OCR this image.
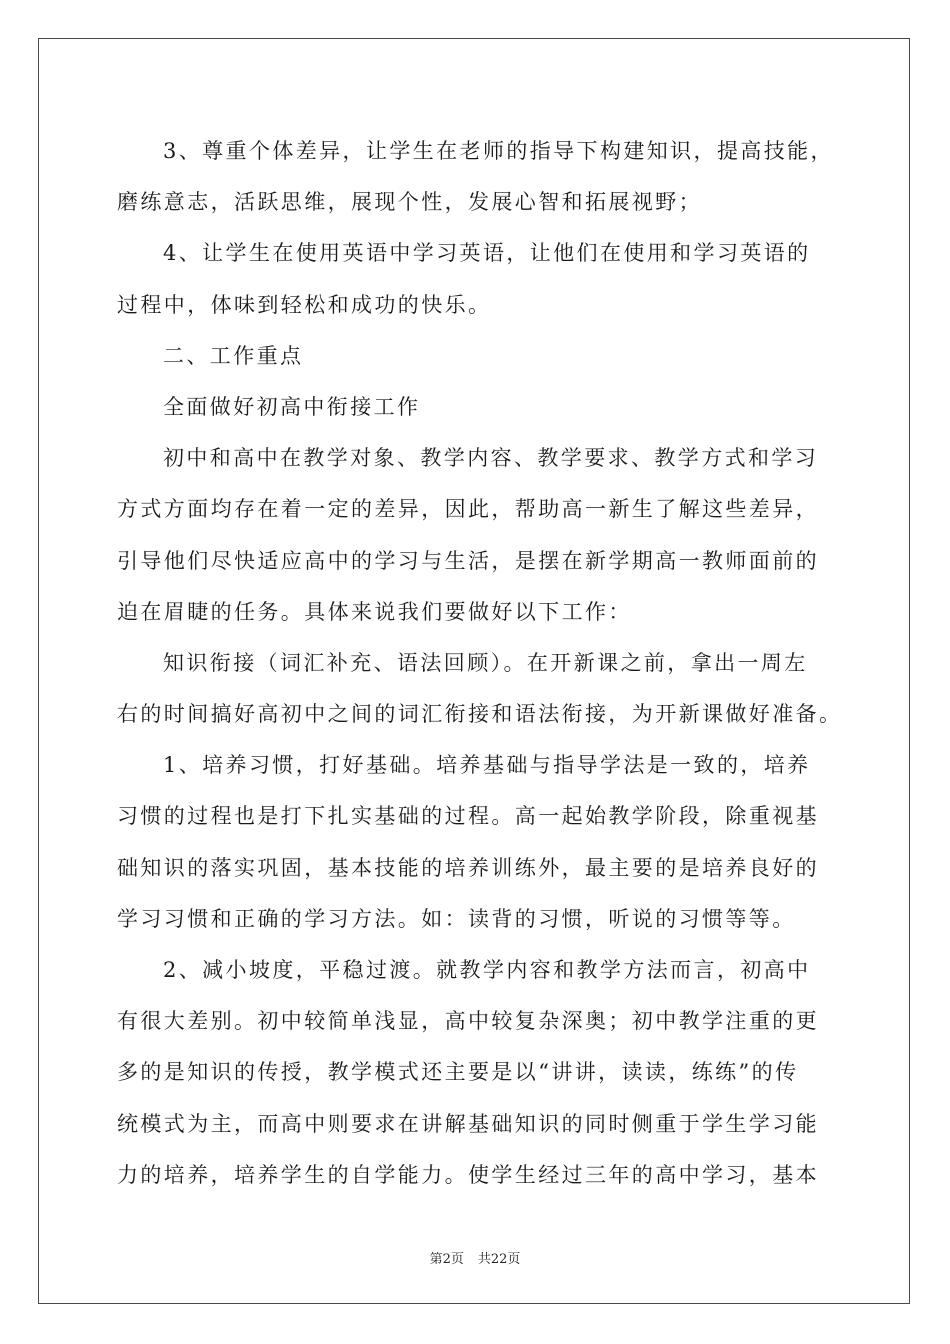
3、尊重个体差异，让学生在老师的指导下构建知识，提高技能，
磨练意志，活跃思维，展现个性，发展心智和拓展视野；
4、让学生在使用英语中学习英语，让他们在使用和学习英语的
过程中，体味到轻松和成功的快乐。
二、工作重点
全面做好初高中衔接工作
初中和高中在教学对象、教学内容、教学要求、教学方式和学习
方式方面均存在着一定的差异，因此，帮助高一新生了解这些差异，
引导他们尽快适应高中的学习与生活，是摆在新学期高一教师面前的
迫在眉睫的任务。具体来说我们要做好以下工作：
知识衔接（词汇补充、语法回顾）。在开新课之前，拿出一周左
右的时间搞好高初中之间的词汇衔接和语法衔接，为开新课做好准备。
1、培养习惯，打好基础。培养基础与指导学法是一致的，培养
习惯的过程也是打下扎实基础的过程。高一起始教学阶段，除重视基
础知识的落实巩固，基本技能的培养训练外，最主要的是培养良好的
学习习惯和正确的学习方法。如：读背的习惯，听说的习惯等等。
2、减小坡度，平稳过渡。就教学内容和教学方法而言，初高中
有很大差别。初中较简单浅显，高中较复杂深奥；初中教学注重的更
多的是知识的传授，教学模式还主要是以“讲讲，读读，练练”的传
统模式为主，而高中则要求在讲解基础知识的同时侧重于学生学习能
力的培养，培养学生的自学能力。使学生经过三年的高中学习，基本
第2页 共22页
